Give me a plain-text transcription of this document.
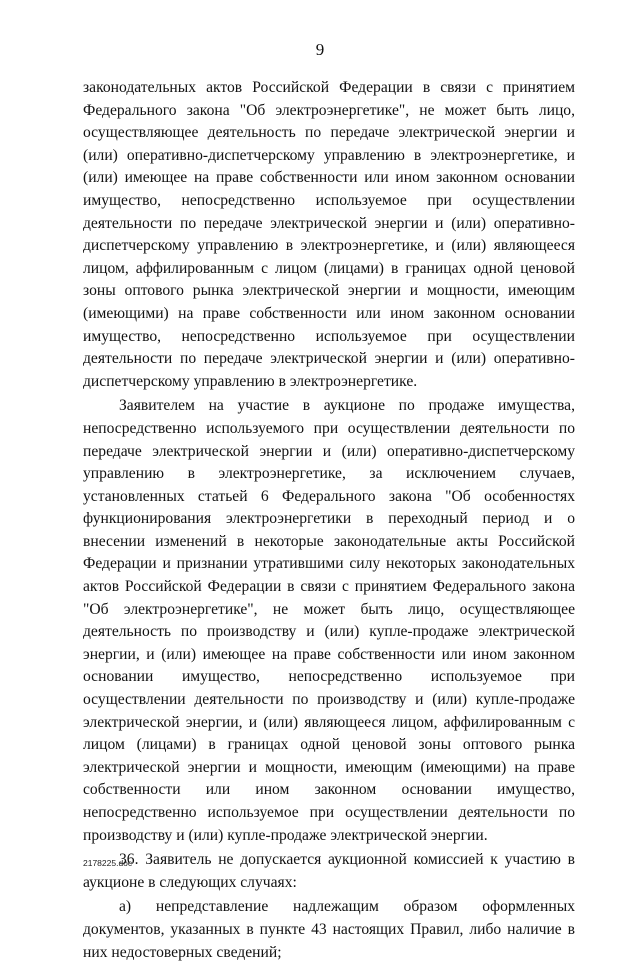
9

законодательных актов Российской Федерации в связи с принятием Федерального закона "Об электроэнергетике", не может быть лицо, осуществляющее деятельность по передаче электрической энергии и (или) оперативно-диспетчерскому управлению в электроэнергетике, и (или) имеющее на праве собственности или ином законном основании имущество, непосредственно используемое при осуществлении деятельности по передаче электрической энергии и (или) оперативно-диспетчерскому управлению в электроэнергетике, и (или) являющееся лицом, аффилированным с лицом (лицами) в границах одной ценовой зоны оптового рынка электрической энергии и мощности, имеющим (имеющими) на праве собственности или ином законном основании имущество, непосредственно используемое при осуществлении деятельности по передаче электрической энергии и (или) оперативно-диспетчерскому управлению в электроэнергетике.

Заявителем на участие в аукционе по продаже имущества, непосредственно используемого при осуществлении деятельности по передаче электрической энергии и (или) оперативно-диспетчерскому управлению в электроэнергетике, за исключением случаев, установленных статьей 6 Федерального закона "Об особенностях функционирования электроэнергетики в переходный период и о внесении изменений в некоторые законодательные акты Российской Федерации и признании утратившими силу некоторых законодательных актов Российской Федерации в связи с принятием Федерального закона "Об электроэнергетике", не может быть лицо, осуществляющее деятельность по производству и (или) купле-продаже электрической энергии, и (или) имеющее на праве собственности или ином законном основании имущество, непосредственно используемое при осуществлении деятельности по производству и (или) купле-продаже электрической энергии, и (или) являющееся лицом, аффилированным с лицом (лицами) в границах одной ценовой зоны оптового рынка электрической энергии и мощности, имеющим (имеющими) на праве собственности или ином законном основании имущество, непосредственно используемое при осуществлении деятельности по производству и (или) купле-продаже электрической энергии.

36. Заявитель не допускается аукционной комиссией к участию в аукционе в следующих случаях:

а) непредставление надлежащим образом оформленных документов, указанных в пункте 43 настоящих Правил, либо наличие в них недостоверных сведений;

2178225.doc
